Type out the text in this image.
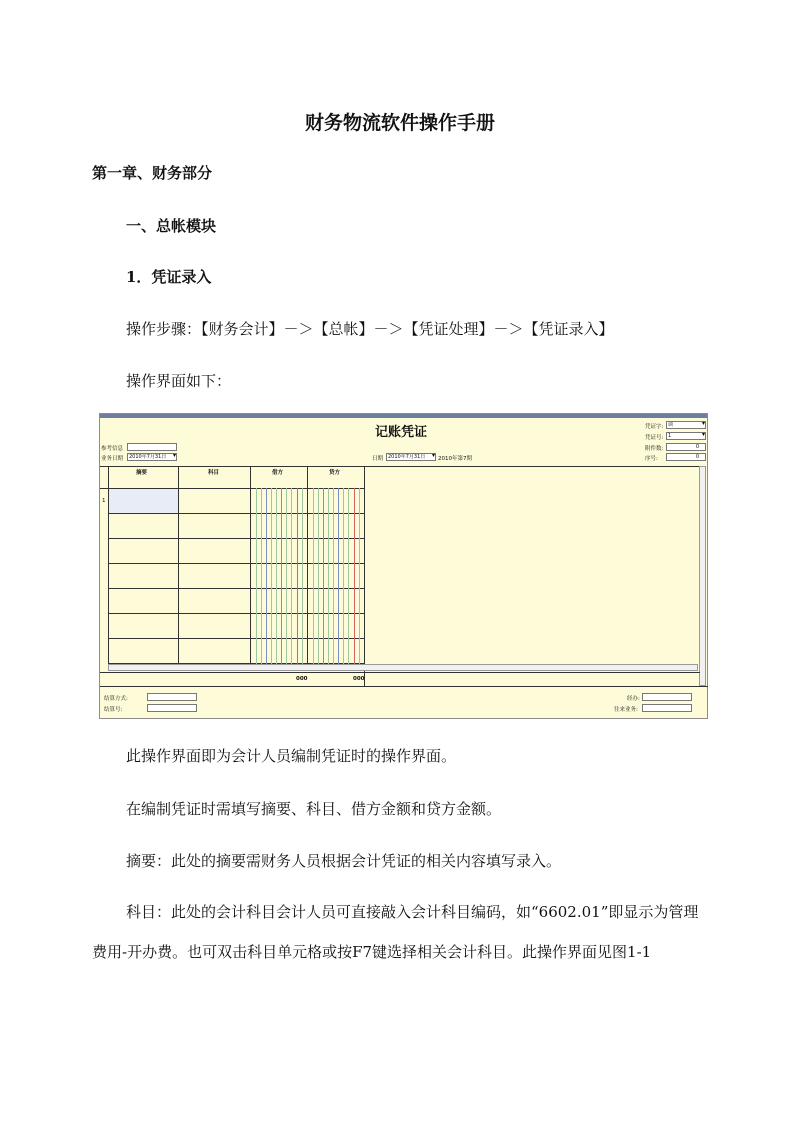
财务物流软件操作手册
第一章、财务部分
一、总帐模块
1．凭证录入
操作步骤：【财务会计】－＞【总帐】－＞【凭证处理】－＞【凭证录入】
操作界面如下：
记账凭证
参考信息
业务日期	2010年7月31日 ▾	日期 2010年7月31日 ▾	2010年第7期
凭证字: 调 ▾
凭证号: 1 ▾
附件数:	0
序号:	0
摘要	科目	借方	贷方
1
000	000
结算方式:
结算号:
经办:
往来业务:
此操作界面即为会计人员编制凭证时的操作界面。
在编制凭证时需填写摘要、科目、借方金额和贷方金额。
摘要：此处的摘要需财务人员根据会计凭证的相关内容填写录入。
科目：此处的会计科目会计人员可直接敲入会计科目编码，如“6602.01”即显示为管理费用-开办费。也可双击科目单元格或按F7键选择相关会计科目。此操作界面见图1-1
